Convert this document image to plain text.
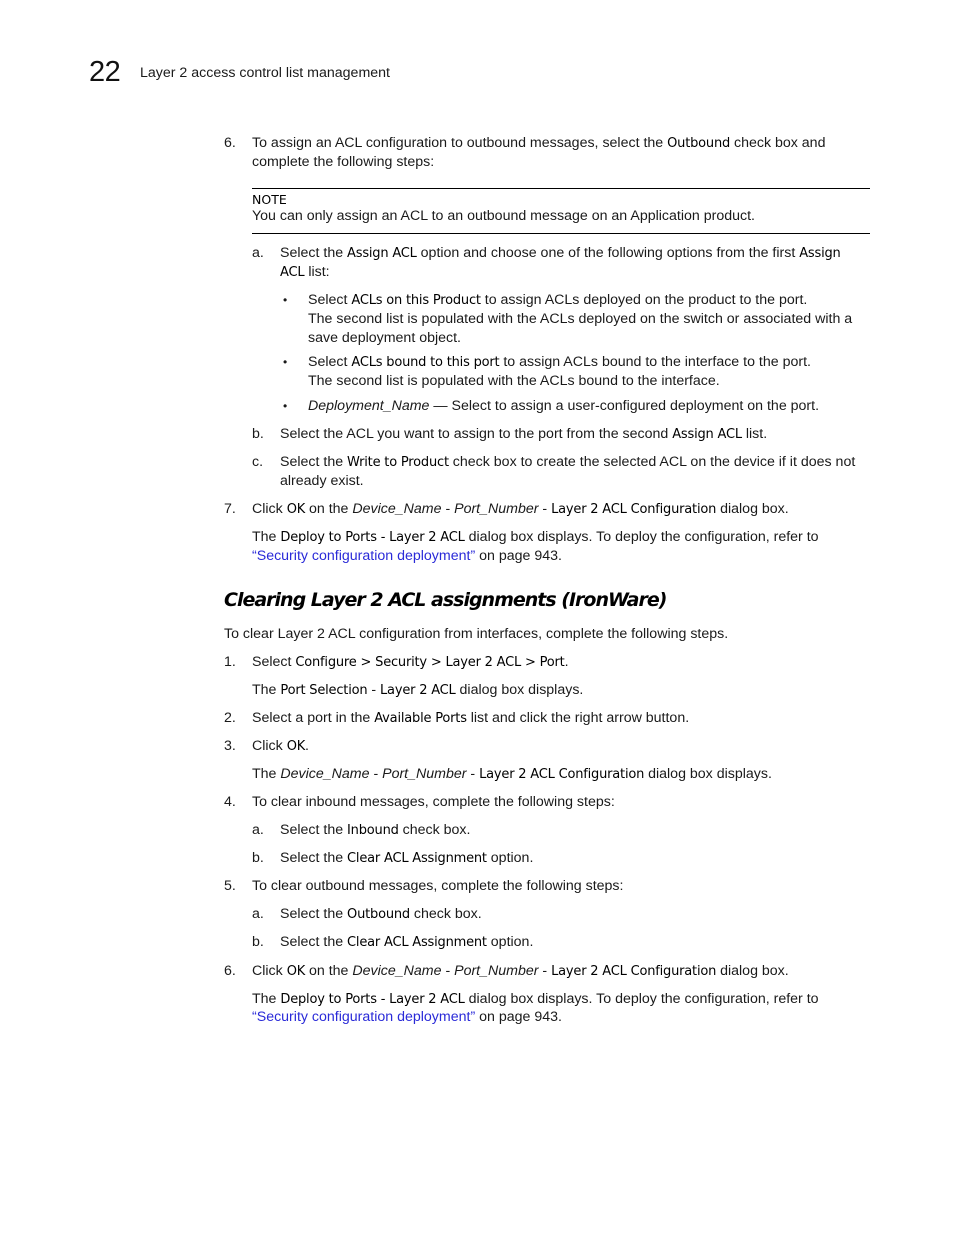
22 Layer 2 access control list management
6. To assign an ACL configuration to outbound messages, select the Outbound check box and
complete the following steps:
NOTE
You can only assign an ACL to an outbound message on an Application product.
a. Select the Assign ACL option and choose one of the following options from the first Assign
ACL list:
• Select ACLs on this Product to assign ACLs deployed on the product to the port.
The second list is populated with the ACLs deployed on the switch or associated with a
save deployment object.
• Select ACLs bound to this port to assign ACLs bound to the interface to the port.
The second list is populated with the ACLs bound to the interface.
• Deployment_Name — Select to assign a user-configured deployment on the port.
b. Select the ACL you want to assign to the port from the second Assign ACL list.
c. Select the Write to Product check box to create the selected ACL on the device if it does not
already exist.
7. Click OK on the Device_Name - Port_Number - Layer 2 ACL Configuration dialog box.
The Deploy to Ports - Layer 2 ACL dialog box displays. To deploy the configuration, refer to
“Security configuration deployment” on page 943.
Clearing Layer 2 ACL assignments (IronWare)
To clear Layer 2 ACL configuration from interfaces, complete the following steps.
1. Select Configure > Security > Layer 2 ACL > Port.
The Port Selection - Layer 2 ACL dialog box displays.
2. Select a port in the Available Ports list and click the right arrow button.
3. Click OK.
The Device_Name - Port_Number - Layer 2 ACL Configuration dialog box displays.
4. To clear inbound messages, complete the following steps:
a. Select the Inbound check box.
b. Select the Clear ACL Assignment option.
5. To clear outbound messages, complete the following steps:
a. Select the Outbound check box.
b. Select the Clear ACL Assignment option.
6. Click OK on the Device_Name - Port_Number - Layer 2 ACL Configuration dialog box.
The Deploy to Ports - Layer 2 ACL dialog box displays. To deploy the configuration, refer to
“Security configuration deployment” on page 943.
